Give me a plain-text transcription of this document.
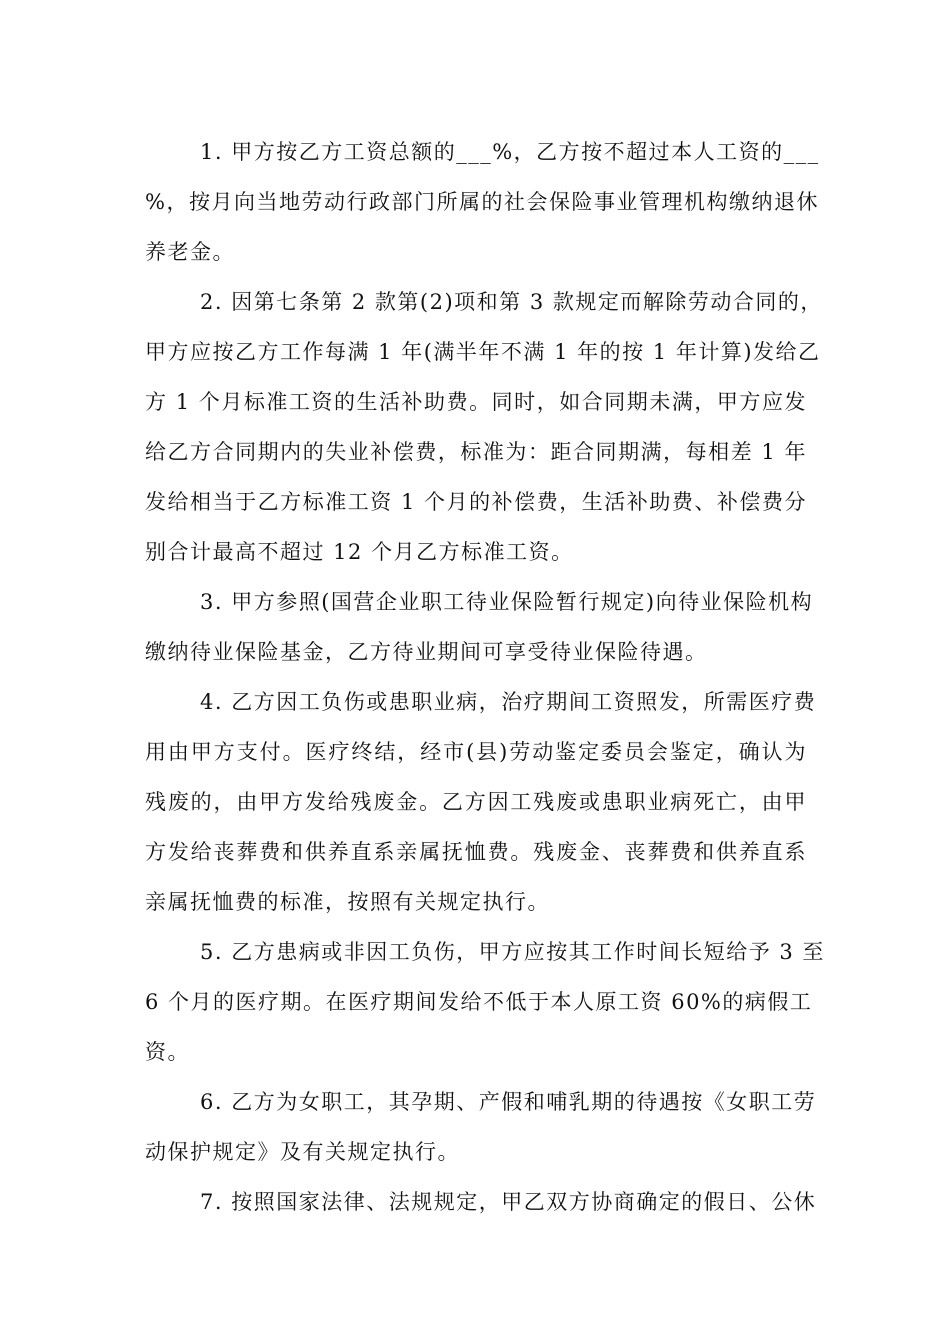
1. 甲方按乙方工资总额的___%，乙方按不超过本人工资的___
%，按月向当地劳动行政部门所属的社会保险事业管理机构缴纳退休
养老金。
2. 因第七条第 2 款第(2)项和第 3 款规定而解除劳动合同的，
甲方应按乙方工作每满 1 年(满半年不满 1 年的按 1 年计算)发给乙
方 1 个月标准工资的生活补助费。同时，如合同期未满，甲方应发
给乙方合同期内的失业补偿费，标准为：距合同期满，每相差 1 年
发给相当于乙方标准工资 1 个月的补偿费，生活补助费、补偿费分
别合计最高不超过 12 个月乙方标准工资。
3. 甲方参照(国营企业职工待业保险暂行规定)向待业保险机构
缴纳待业保险基金，乙方待业期间可享受待业保险待遇。
4. 乙方因工负伤或患职业病，治疗期间工资照发，所需医疗费
用由甲方支付。医疗终结，经市(县)劳动鉴定委员会鉴定，确认为
残废的，由甲方发给残废金。乙方因工残废或患职业病死亡，由甲
方发给丧葬费和供养直系亲属抚恤费。残废金、丧葬费和供养直系
亲属抚恤费的标准，按照有关规定执行。
5. 乙方患病或非因工负伤，甲方应按其工作时间长短给予 3 至
6 个月的医疗期。在医疗期间发给不低于本人原工资 60%的病假工
资。
6. 乙方为女职工，其孕期、产假和哺乳期的待遇按《女职工劳
动保护规定》及有关规定执行。
7. 按照国家法律、法规规定，甲乙双方协商确定的假日、公休
